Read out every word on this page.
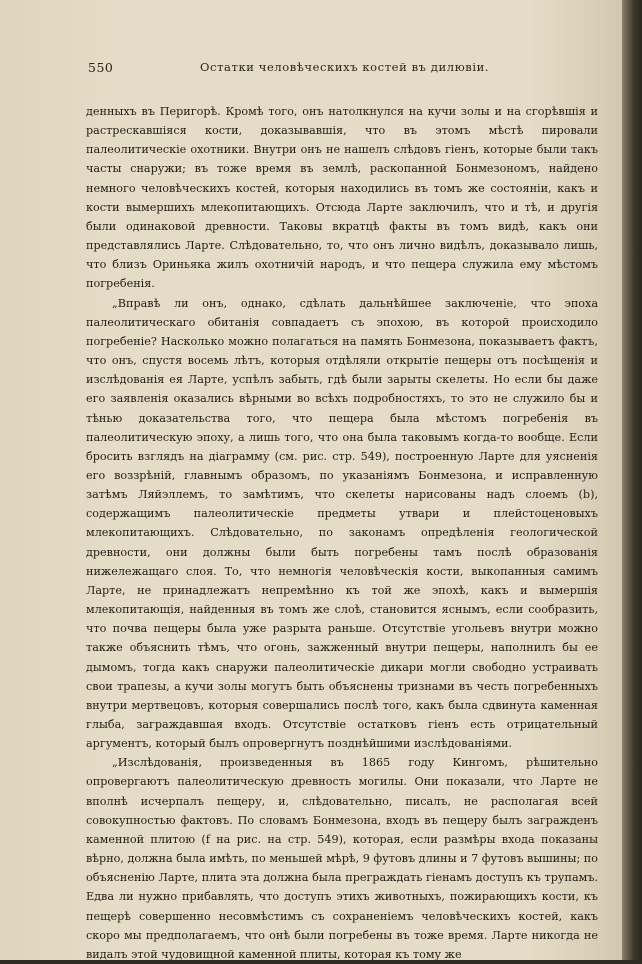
550	Остатки человѣческихъ костей въ дилювіи.

денныхъ въ Перигорѣ. Кромѣ того, онъ натолкнулся на кучи золы и на сгорѣвшія и растрескавшіяся кости, доказывавшія, что въ этомъ мѣстѣ пировали палеолитическіе охотники. Внутри онъ не нашелъ слѣдовъ гіенъ, которые были такъ часты снаружи; въ тоже время въ землѣ, раскопанной Бонмезономъ, найдено немного человѣческихъ костей, которыя находились въ томъ же состояніи, какъ и кости вымершихъ млекопитающихъ. Отсюда Ларте заключилъ, что и тѣ, и другія были одинаковой древности. Таковы вкратцѣ факты въ томъ видѣ, какъ они представлялись Ларте. Слѣдовательно, то, что онъ лично видѣлъ, доказывало лишь, что близъ Ориньяка жилъ охотничій народъ, и что пещера служила ему мѣстомъ погребенія.

„Вправѣ ли онъ, однако, сдѣлать дальнѣйшее заключеніе, что эпоха палеолитическаго обитанія совпадаетъ съ эпохою, въ которой происходило погребеніе? Насколько можно полагаться на память Бонмезона, показываетъ фактъ, что онъ, спустя восемь лѣтъ, которыя отдѣляли открытіе пещеры отъ посѣщенія и изслѣдованія ея Ларте, успѣлъ забыть, гдѣ были зарыты скелеты. Но если бы даже его заявленія оказались вѣрными во всѣхъ подробностяхъ, то это не служило бы и тѣнью доказательства того, что пещера была мѣстомъ погребенія въ палеолитическую эпоху, а лишь того, что она была таковымъ когда-то вообще. Если бросить взглядъ на діаграмму (см. рис. стр. 549), построенную Ларте для уясненія его воззрѣній, главнымъ образомъ, по указаніямъ Бонмезона, и исправленную затѣмъ Ляйэллемъ, то замѣтимъ, что скелеты нарисованы надъ слоемъ (b), содержащимъ палеолитическіе предметы утвари и плейстоценовыхъ млекопитающихъ. Слѣдовательно, по законамъ опредѣленія геологической древности, они должны были быть погребены тамъ послѣ образованія нижележащаго слоя. То, что немногія человѣческія кости, выкопанныя самимъ Ларте, не принадлежатъ непремѣнно къ той же эпохѣ, какъ и вымершія млекопитающія, найденныя въ томъ же слоѣ, становится яснымъ, если сообразить, что почва пещеры была уже разрыта раньше. Отсутствіе угольевъ внутри можно также объяснить тѣмъ, что огонь, зажженный внутри пещеры, наполнилъ бы ее дымомъ, тогда какъ снаружи палеолитическіе дикари могли свободно устраивать свои трапезы, а кучи золы могутъ быть объяснены тризнами въ честь погребенныхъ внутри мертвецовъ, которыя совершались послѣ того, какъ была сдвинута каменная глыба, заграждавшая входъ. Отсутствіе остатковъ гіенъ есть отрицательный аргументъ, который былъ опровергнутъ позднѣйшими изслѣдованіями.

„Изслѣдованія, произведенныя въ 1865 году Кингомъ, рѣшительно опровергаютъ палеолитическую древность могилы. Они показали, что Ларте не вполнѣ исчерпалъ пещеру, и, слѣдовательно, писалъ, не располагая всей совокупностью фактовъ. По словамъ Бонмезона, входъ въ пещеру былъ загражденъ каменной плитою (f на рис. на стр. 549), которая, если размѣры входа показаны вѣрно, должна была имѣть, по меньшей мѣрѣ, 9 футовъ длины и 7 футовъ вышины; по объясненію Ларте, плита эта должна была преграждать гіенамъ доступъ къ трупамъ. Едва ли нужно прибавлять, что доступъ этихъ животныхъ, пожирающихъ кости, къ пещерѣ совершенно несовмѣстимъ съ сохраненіемъ человѣческихъ костей, какъ скоро мы предполагаемъ, что онѣ были погребены въ тоже время. Ларте никогда не видалъ этой чудовищной каменной плиты, которая къ тому же
